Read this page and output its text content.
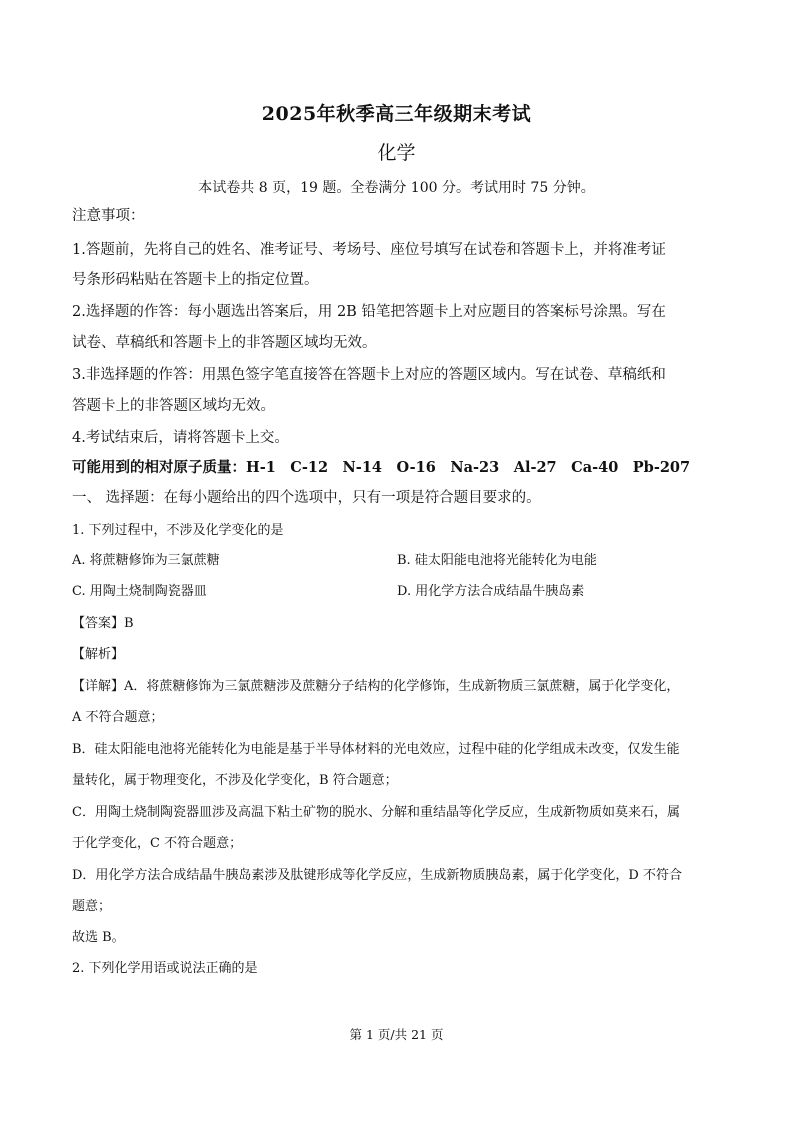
2025年秋季高三年级期末考试
化学
本试卷共 8 页，19 题。全卷满分 100 分。考试用时 75 分钟。
注意事项：
1.答题前，先将自己的姓名、准考证号、考场号、座位号填写在试卷和答题卡上，并将准考证
号条形码粘贴在答题卡上的指定位置。
2.选择题的作答：每小题选出答案后，用 2B 铅笔把答题卡上对应题目的答案标号涂黑。写在
试卷、草稿纸和答题卡上的非答题区域均无效。
3.非选择题的作答：用黑色签字笔直接答在答题卡上对应的答题区域内。写在试卷、草稿纸和
答题卡上的非答题区域均无效。
4.考试结束后，请将答题卡上交。
可能用到的相对原子质量：H-1　C-12　N-14　O-16　Na-23　Al-27　Ca-40　Pb-207
一、 选择题：在每小题给出的四个选项中，只有一项是符合题目要求的。
1. 下列过程中，不涉及化学变化的是
A. 将蔗糖修饰为三氯蔗糖	B. 硅太阳能电池将光能转化为电能
C. 用陶土烧制陶瓷器皿	D. 用化学方法合成结晶牛胰岛素
【答案】B
【解析】
【详解】A．将蔗糖修饰为三氯蔗糖涉及蔗糖分子结构的化学修饰，生成新物质三氯蔗糖，属于化学变化，
A 不符合题意；
B．硅太阳能电池将光能转化为电能是基于半导体材料的光电效应，过程中硅的化学组成未改变，仅发生能
量转化，属于物理变化，不涉及化学变化，B 符合题意；
C．用陶土烧制陶瓷器皿涉及高温下粘土矿物的脱水、分解和重结晶等化学反应，生成新物质如莫来石，属
于化学变化，C 不符合题意；
D．用化学方法合成结晶牛胰岛素涉及肽键形成等化学反应，生成新物质胰岛素，属于化学变化，D 不符合
题意；
故选 B。
2. 下列化学用语或说法正确的是
第 1 页/共 21 页
